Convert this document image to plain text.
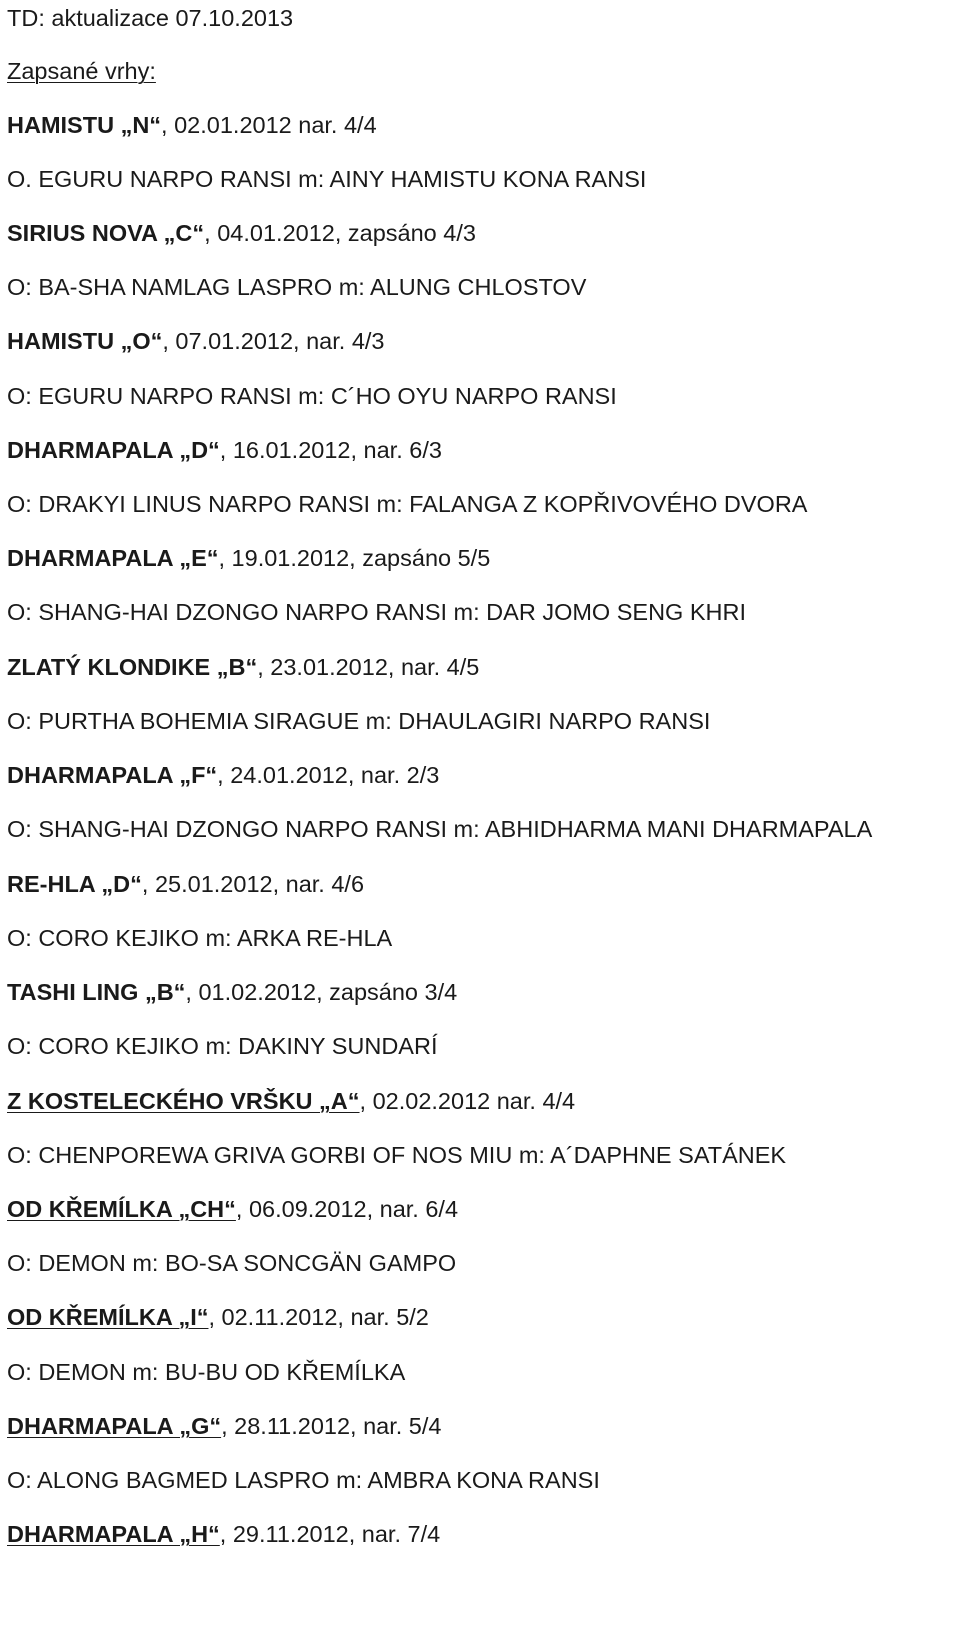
TD: aktualizace 07.10.2013
Zapsané vrhy:
HAMISTU „N“, 02.01.2012 nar. 4/4
O. EGURU NARPO RANSI m: AINY HAMISTU KONA RANSI
SIRIUS NOVA „C“, 04.01.2012, zapsáno 4/3
O: BA-SHA NAMLAG LASPRO m: ALUNG CHLOSTOV
HAMISTU „O“, 07.01.2012, nar. 4/3
O: EGURU NARPO RANSI m: C´HO OYU NARPO RANSI
DHARMAPALA „D“, 16.01.2012, nar. 6/3
O: DRAKYI LINUS NARPO RANSI m: FALANGA Z KOPŘIVOVÉHO DVORA
DHARMAPALA „E“, 19.01.2012, zapsáno 5/5
O: SHANG-HAI DZONGO NARPO RANSI m: DAR JOMO SENG KHRI
ZLATÝ KLONDIKE „B“, 23.01.2012, nar. 4/5
O: PURTHA BOHEMIA SIRAGUE m: DHAULAGIRI NARPO RANSI
DHARMAPALA „F“, 24.01.2012, nar. 2/3
O: SHANG-HAI DZONGO NARPO RANSI m: ABHIDHARMA MANI DHARMAPALA
RE-HLA „D“, 25.01.2012, nar. 4/6
O: CORO KEJIKO m: ARKA RE-HLA
TASHI LING „B“, 01.02.2012, zapsáno 3/4
O: CORO KEJIKO m: DAKINY SUNDARÍ
Z KOSTELECKÉHO VRŠKU „A“, 02.02.2012 nar. 4/4
O: CHENPOREWA GRIVA GORBI OF NOS MIU m: A´DAPHNE SATÁNEK
OD KŘEMÍLKA „CH“, 06.09.2012, nar. 6/4
O: DEMON m: BO-SA SONCGÄN GAMPO
OD KŘEMÍLKA „I“, 02.11.2012, nar. 5/2
O: DEMON m: BU-BU OD KŘEMÍLKA
DHARMAPALA „G“, 28.11.2012, nar. 5/4
O: ALONG BAGMED LASPRO m: AMBRA KONA RANSI
DHARMAPALA „H“, 29.11.2012, nar. 7/4
